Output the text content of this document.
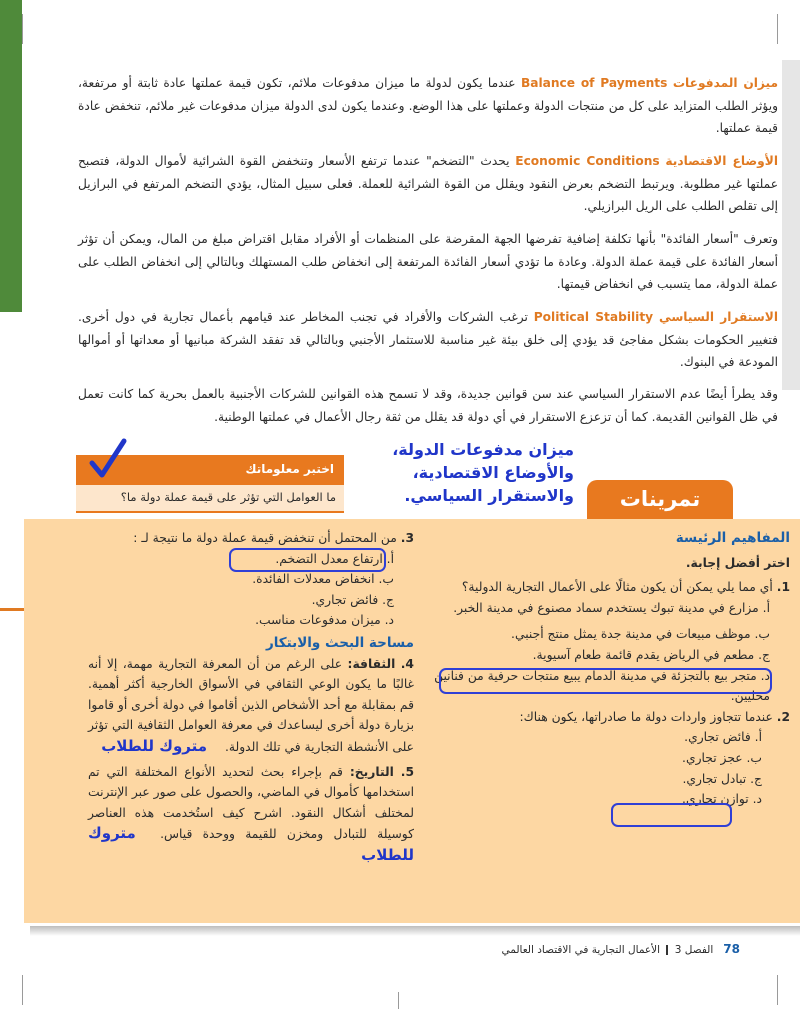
ميزان المدفوعات Balance of Payments عندما يكون لدولة ما ميزان مدفوعات ملائم، تكون قيمة عملتها عادة ثابتة أو مرتفعة، ويؤثر الطلب المتزايد على كل من منتجات الدولة وعملتها على هذا الوضع. وعندما يكون لدى الدولة ميزان مدفوعات غير ملائم، تنخفض عادة قيمة عملتها.
الأوضاع الاقتصادية Economic Conditions يحدث "التضخم" عندما ترتفع الأسعار وتنخفض القوة الشرائية لأموال الدولة، فتصبح عملتها غير مطلوبة. ويرتبط التضخم بعرض النقود ويقلل من القوة الشرائية للعملة. فعلى سبيل المثال، يؤدي التضخم المرتفع في البرازيل إلى تقلص الطلب على الريل البرازيلي.
وتعرف "أسعار الفائدة" بأنها تكلفة إضافية تفرضها الجهة المقرضة على المنظمات أو الأفراد مقابل اقتراض مبلغ من المال، ويمكن أن تؤثر أسعار الفائدة على قيمة عملة الدولة. وعادة ما تؤدي أسعار الفائدة المرتفعة إلى انخفاض طلب المستهلك وبالتالي إلى انخفاض الطلب على عملة الدولة، مما يتسبب في انخفاض قيمتها.
الاستقرار السياسي Political Stability ترغب الشركات والأفراد في تجنب المخاطر عند قيامهم بأعمال تجارية في دول أخرى. فتغيير الحكومات بشكل مفاجئ قد يؤدي إلى خلق بيئة غير مناسبة للاستثمار الأجنبي وبالتالي قد تفقد الشركة مبانيها أو معداتها أو أموالها المودعة في البنوك.
وقد يطرأ أيضًا عدم الاستقرار السياسي عند سن قوانين جديدة، وقد لا تسمح هذه القوانين للشركات الأجنبية بالعمل بحرية كما كانت تعمل في ظل القوانين القديمة. كما أن تزعزع الاستقرار في أي دولة قد يقلل من ثقة رجال الأعمال في عملتها الوطنية.
اختبر معلوماتك
ما العوامل التي تؤثر على قيمة عملة دولة ما؟
ميزان مدفوعات الدولة،
والأوضاع الاقتصادية،
والاستقرار السياسي.	تمرينات
المفاهيم الرئيسة
اختر أفضل إجابة.
1. أي مما يلي يمكن أن يكون مثالًا على الأعمال التجارية الدولية؟
أ. مزارع في مدينة تبوك يستخدم سماد مصنوع في مدينة الخبر.
ب. موظف مبيعات في مدينة جدة يمثل منتج أجنبي.
ج. مطعم في الرياض يقدم قائمة طعام آسيوية.
د. متجر بيع بالتجزئة في مدينة الدمام يبيع منتجات حرفية من فنانين محليين.
2. عندما تتجاوز واردات دولة ما صادراتها، يكون هناك:
أ. فائض تجاري.
ب. عجز تجاري.
ج. تبادل تجاري.
د. توازن تجاري.
3. من المحتمل أن تنخفض قيمة عملة دولة ما نتيجة لـ :
أ. ارتفاع معدل التضخم.
ب. انخفاض معدلات الفائدة.
ج. فائض تجاري.
د. ميزان مدفوعات مناسب.
مساحة البحث والابتكار
4. الثقافة: على الرغم من أن المعرفة التجارية مهمة، إلا أنه غالبًا ما يكون الوعي الثقافي في الأسواق الخارجية أكثر أهمية. قم بمقابلة مع أحد الأشخاص الذين أقاموا في دولة أخرى أو قاموا بزيارة دولة أخرى ليساعدك في معرفة العوامل الثقافية التي تؤثر على الأنشطة التجارية في تلك الدولة. متروك للطلاب
5. التاريخ: قم بإجراء بحث لتحديد الأنواع المختلفة التي تم استخدامها كأموال في الماضي، والحصول على صور عبر الإنترنت لمختلف أشكال النقود. اشرح كيف استُخدمت هذه العناصر كوسيلة للتبادل ومخزن للقيمة ووحدة قياس. متروك للطلاب
78   الفصل 3  الأعمال التجارية في الاقتصاد العالمي
